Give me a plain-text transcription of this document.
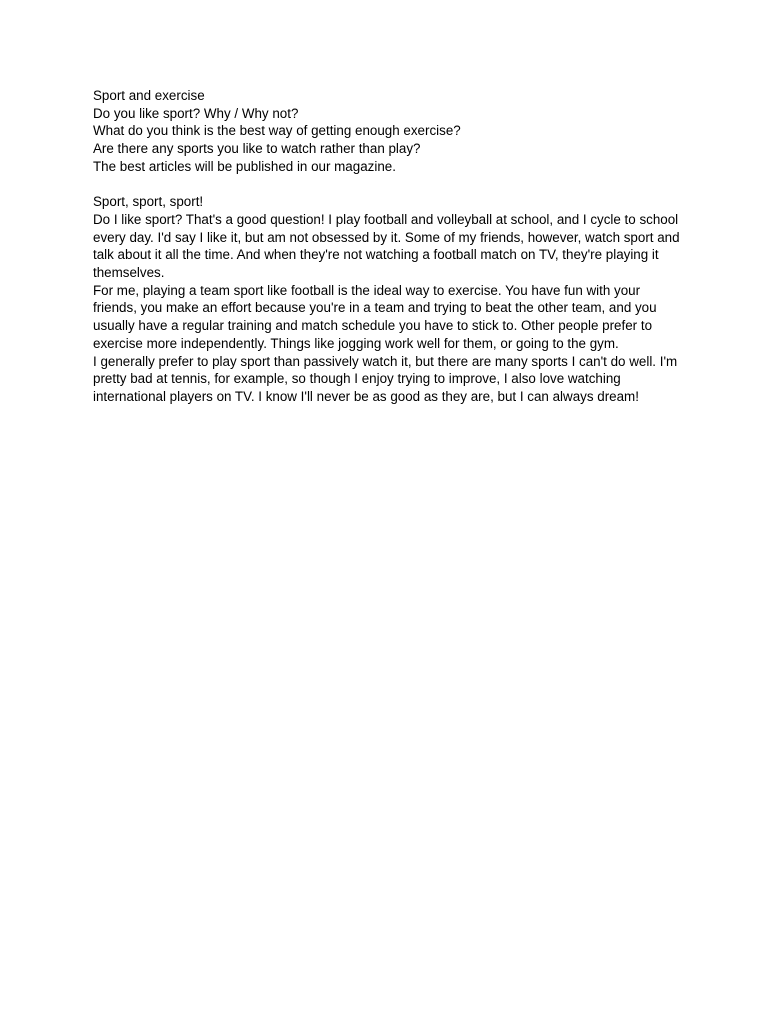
Sport and exercise
Do you like sport? Why / Why not?
What do you think is the best way of getting enough exercise?
Are there any sports you like to watch rather than play?
The best articles will be published in our magazine.
Sport, sport, sport!

Do I like sport? That's a good question! I play football and volleyball at school, and I cycle to school every day. I'd say I like it, but am not obsessed by it. Some of my friends, however, watch sport and talk about it all the time. And when they're not watching a football match on TV, they're playing it themselves.

For me, playing a team sport like football is the ideal way to exercise. You have fun with your friends, you make an effort because you're in a team and trying to beat the other team, and you usually have a regular training and match schedule you have to stick to. Other people prefer to exercise more independently. Things like jogging work well for them, or going to the gym.

I generally prefer to play sport than passively watch it, but there are many sports I can't do well. I'm pretty bad at tennis, for example, so though I enjoy trying to improve, I also love watching international players on TV. I know I'll never be as good as they are, but I can always dream!
